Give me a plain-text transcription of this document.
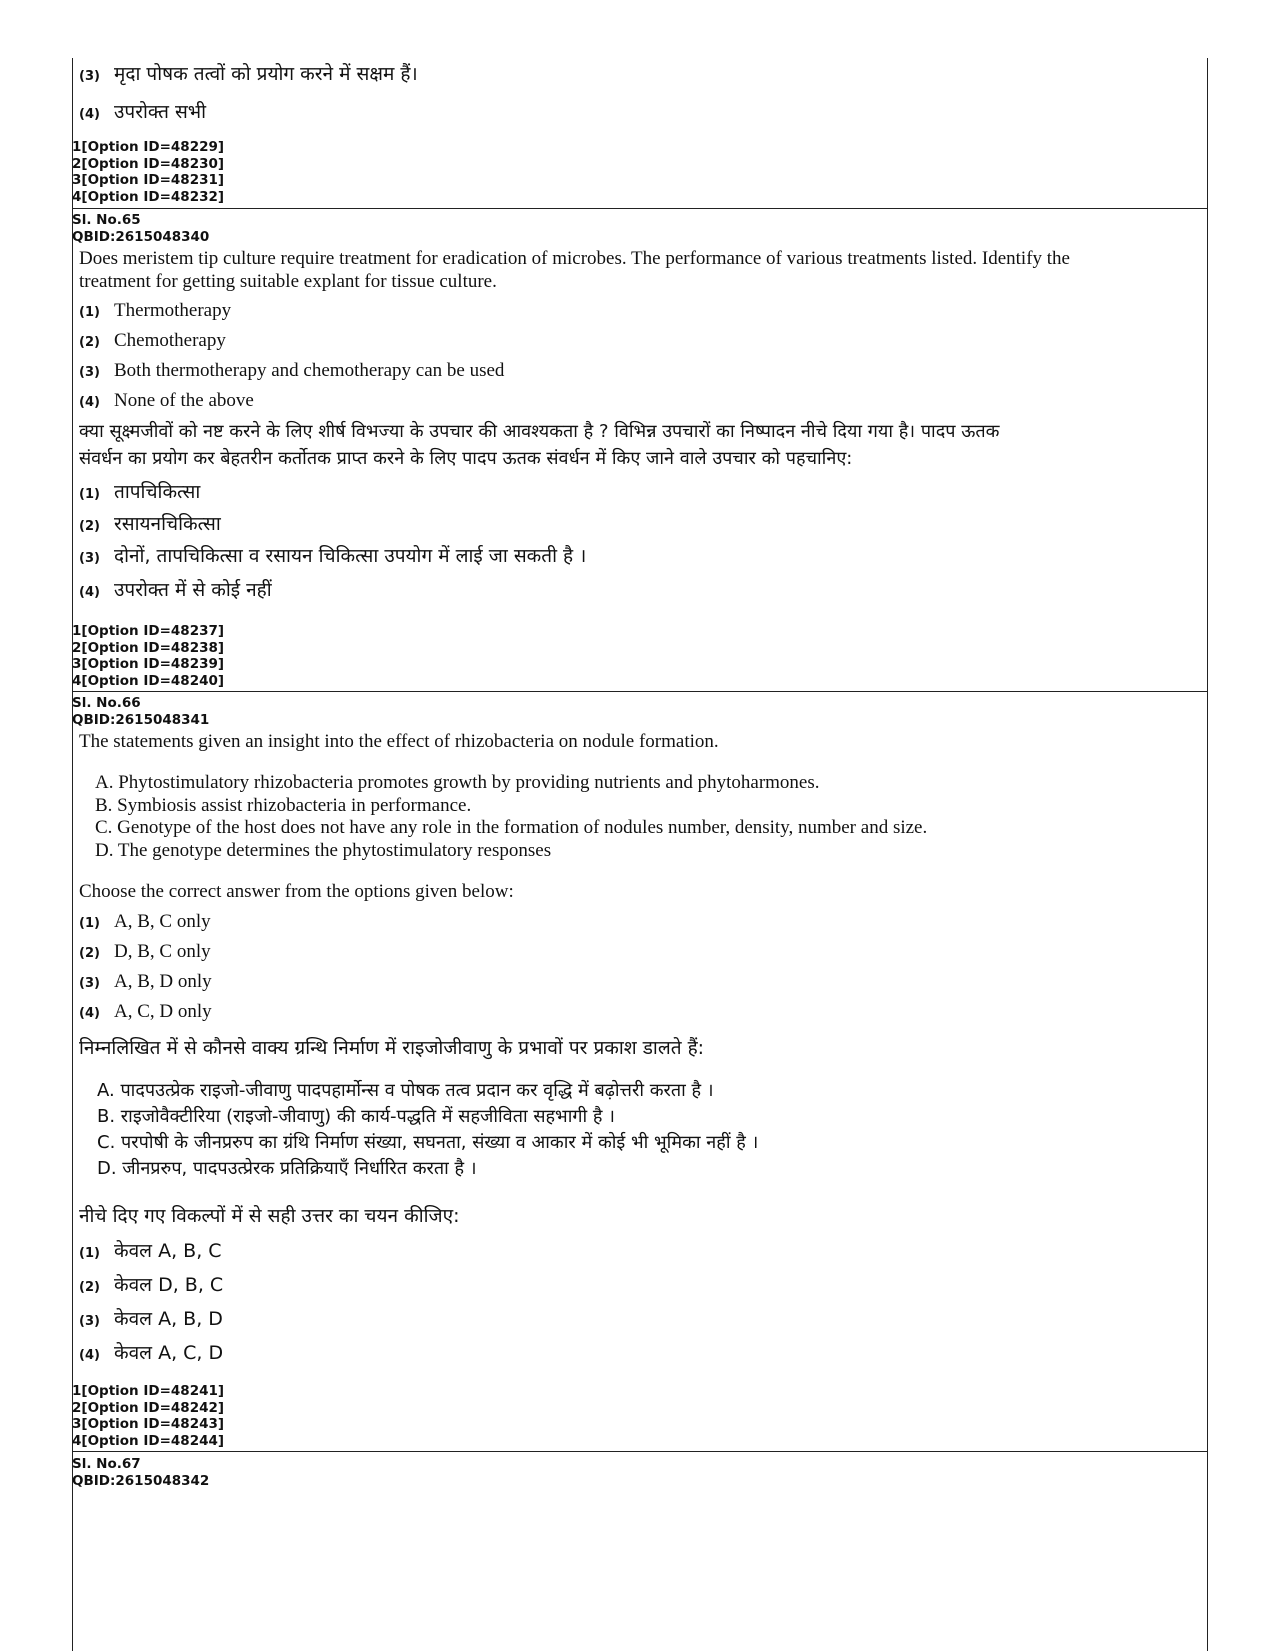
(3) मृदा पोषक तत्वों को प्रयोग करने में सक्षम हैं।
(4) उपरोक्त सभी
1[Option ID=48229]
2[Option ID=48230]
3[Option ID=48231]
4[Option ID=48232]
Sl. No.65
QBID:2615048340
Does meristem tip culture require treatment for eradication of microbes. The performance of various treatments listed. Identify the
treatment for getting suitable explant for tissue culture.
(1) Thermotherapy
(2) Chemotherapy
(3) Both thermotherapy and chemotherapy can be used
(4) None of the above
क्या सूक्ष्मजीवों को नष्ट करने के लिए शीर्ष विभज्या के उपचार की आवश्यकता है ? विभिन्न उपचारों का निष्पादन नीचे दिया गया है। पादप ऊतक
संवर्धन का प्रयोग कर बेहतरीन कर्तोतक प्राप्त करने के लिए पादप ऊतक संवर्धन में किए जाने वाले उपचार को पहचानिए:
(1) तापचिकित्सा
(2) रसायनचिकित्सा
(3) दोनों, तापचिकित्सा व रसायन चिकित्सा उपयोग में लाई जा सकती है ।
(4) उपरोक्त में से कोई नहीं
1[Option ID=48237]
2[Option ID=48238]
3[Option ID=48239]
4[Option ID=48240]
Sl. No.66
QBID:2615048341
The statements given an insight into the effect of rhizobacteria on nodule formation.
A. Phytostimulatory rhizobacteria promotes growth by providing nutrients and phytoharmones.
B. Symbiosis assist rhizobacteria in performance.
C. Genotype of the host does not have any role in the formation of nodules number, density, number and size.
D. The genotype determines the phytostimulatory responses
Choose the correct answer from the options given below:
(1) A, B, C only
(2) D, B, C only
(3) A, B, D only
(4) A, C, D only
निम्नलिखित में से कौनसे वाक्य ग्रन्थि निर्माण में राइजोजीवाणु के प्रभावों पर प्रकाश डालते हैं:
A. पादपउत्प्रेक राइजो-जीवाणु पादपहार्मोन्स व पोषक तत्व प्रदान कर वृद्धि में बढ़ोत्तरी करता है ।
B. राइजोवैक्टीरिया (राइजो-जीवाणु) की कार्य-पद्धति में सहजीविता सहभागी है ।
C. परपोषी के जीनप्ररुप का ग्रंथि निर्माण संख्या, सघनता, संख्या व आकार में कोई भी भूमिका नहीं है ।
D. जीनप्ररुप, पादपउत्प्रेरक प्रतिक्रियाएँ निर्धारित करता है ।
नीचे दिए गए विकल्पों में से सही उत्तर का चयन कीजिए:
(1) केवल A, B, C
(2) केवल D, B, C
(3) केवल A, B, D
(4) केवल A, C, D
1[Option ID=48241]
2[Option ID=48242]
3[Option ID=48243]
4[Option ID=48244]
Sl. No.67
QBID:2615048342
